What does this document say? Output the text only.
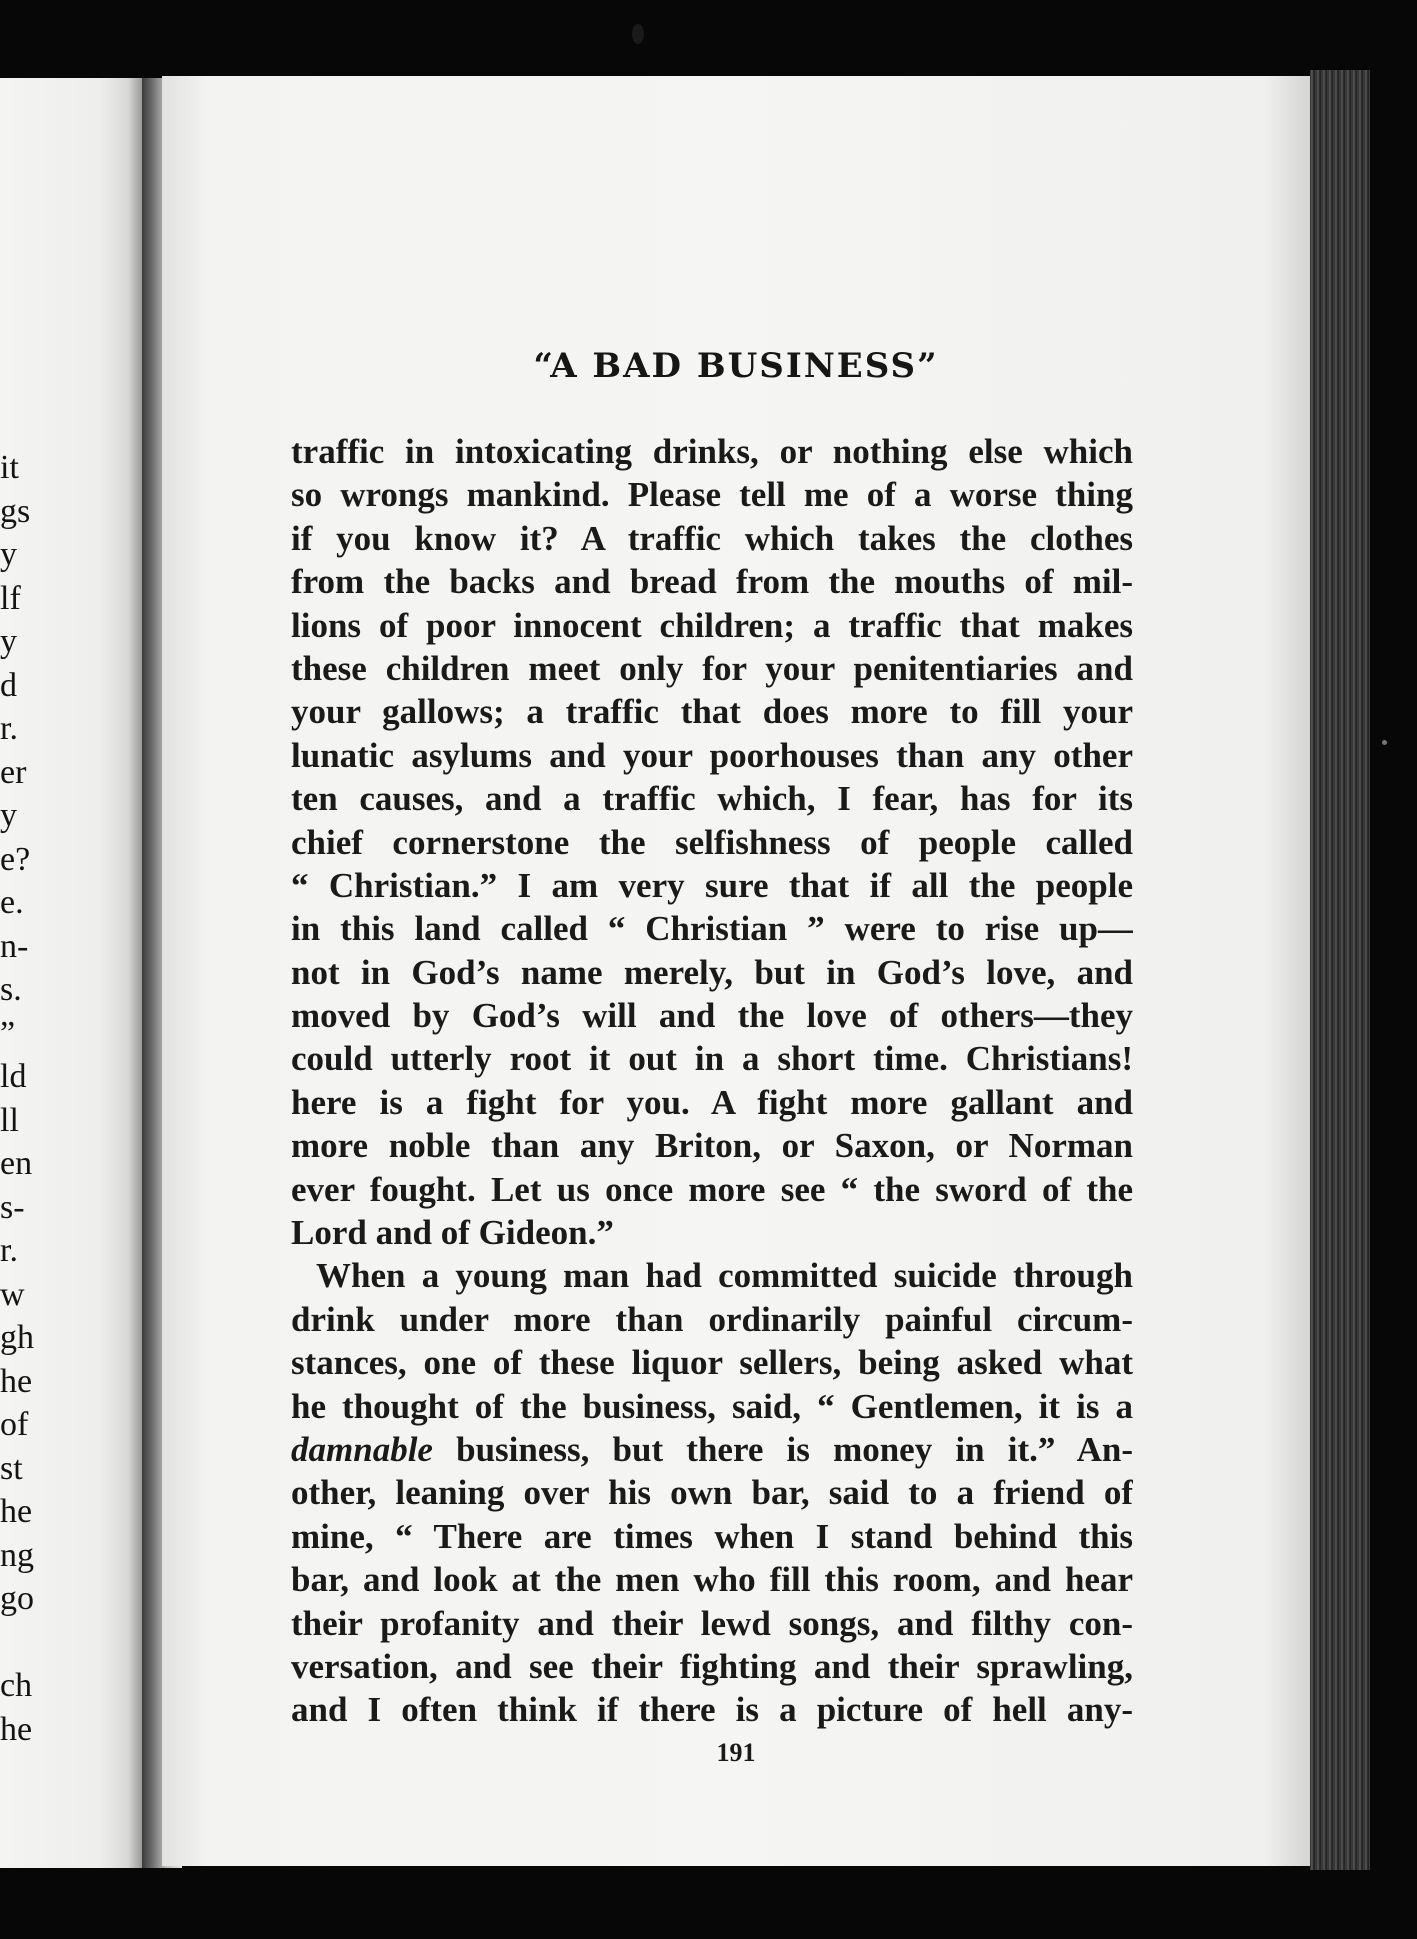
it
gs
y
lf
y
d
r.
er
y
e?
e.
n-
s.
”
ld
ll
en
s-
r.
w
gh
he
of
st
he
ng
go
ch
he
“A BAD BUSINESS”
traffic in intoxicating drinks, or nothing else which
so wrongs mankind. Please tell me of a worse thing
if you know it? A traffic which takes the clothes
from the backs and bread from the mouths of mil-
lions of poor innocent children; a traffic that makes
these children meet only for your penitentiaries and
your gallows; a traffic that does more to fill your
lunatic asylums and your poorhouses than any other
ten causes, and a traffic which, I fear, has for its
chief cornerstone the selfishness of people called
“ Christian.” I am very sure that if all the people
in this land called “ Christian ” were to rise up—
not in God’s name merely, but in God’s love, and
moved by God’s will and the love of others—they
could utterly root it out in a short time. Christians!
here is a fight for you. A fight more gallant and
more noble than any Briton, or Saxon, or Norman
ever fought. Let us once more see “ the sword of the
Lord and of Gideon.”
When a young man had committed suicide through
drink under more than ordinarily painful circum-
stances, one of these liquor sellers, being asked what
he thought of the business, said, “ Gentlemen, it is a
damnable business, but there is money in it.” An-
other, leaning over his own bar, said to a friend of
mine, “ There are times when I stand behind this
bar, and look at the men who fill this room, and hear
their profanity and their lewd songs, and filthy con-
versation, and see their fighting and their sprawling,
and I often think if there is a picture of hell any-
191
